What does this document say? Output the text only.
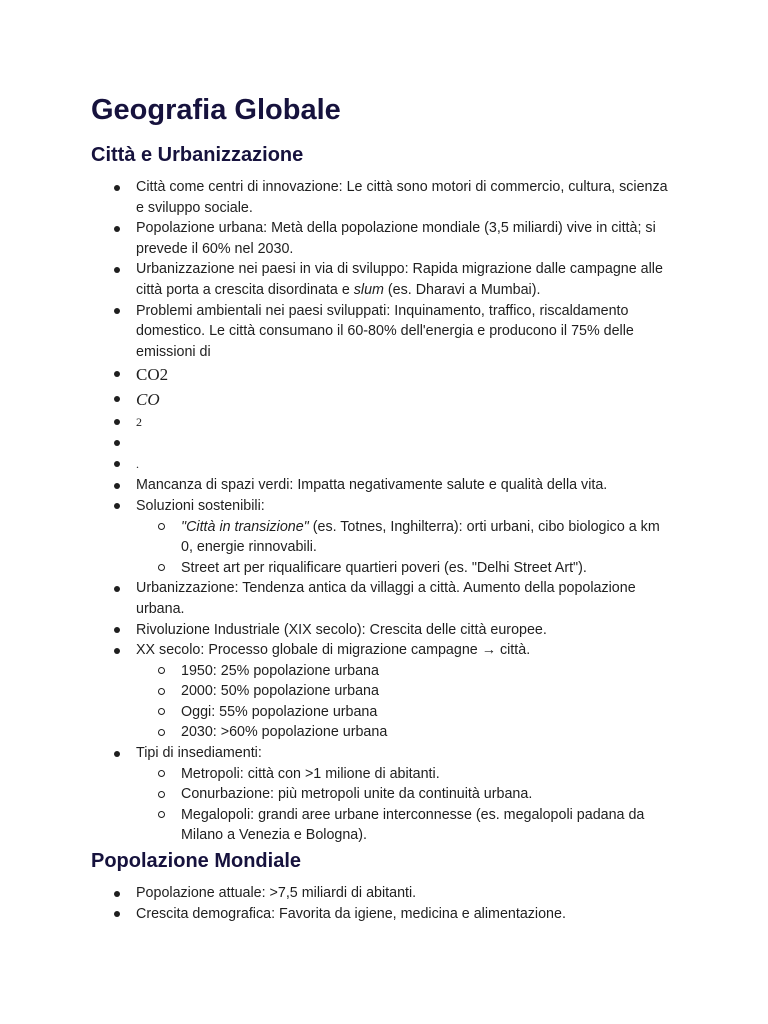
Geografia Globale
Città e Urbanizzazione
Città come centri di innovazione: Le città sono motori di commercio, cultura, scienza e sviluppo sociale.
Popolazione urbana: Metà della popolazione mondiale (3,5 miliardi) vive in città; si prevede il 60% nel 2030.
Urbanizzazione nei paesi in via di sviluppo: Rapida migrazione dalle campagne alle città porta a crescita disordinata e slum (es. Dharavi a Mumbai).
Problemi ambientali nei paesi sviluppati: Inquinamento, traffico, riscaldamento domestico. Le città consumano il 60-80% dell'energia e producono il 75% delle emissioni di
CO2
CO
2
.
Mancanza di spazi verdi: Impatta negativamente salute e qualità della vita.
Soluzioni sostenibili:
"Città in transizione" (es. Totnes, Inghilterra): orti urbani, cibo biologico a km 0, energie rinnovabili.
Street art per riqualificare quartieri poveri (es. "Delhi Street Art").
Urbanizzazione: Tendenza antica da villaggi a città. Aumento della popolazione urbana.
Rivoluzione Industriale (XIX secolo): Crescita delle città europee.
XX secolo: Processo globale di migrazione campagne → città.
1950: 25% popolazione urbana
2000: 50% popolazione urbana
Oggi: 55% popolazione urbana
2030: >60% popolazione urbana
Tipi di insediamenti:
Metropoli: città con >1 milione di abitanti.
Conurbazione: più metropoli unite da continuità urbana.
Megalopoli: grandi aree urbane interconnesse (es. megalopoli padana da Milano a Venezia e Bologna).
Popolazione Mondiale
Popolazione attuale: >7,5 miliardi di abitanti.
Crescita demografica: Favorita da igiene, medicina e alimentazione.
